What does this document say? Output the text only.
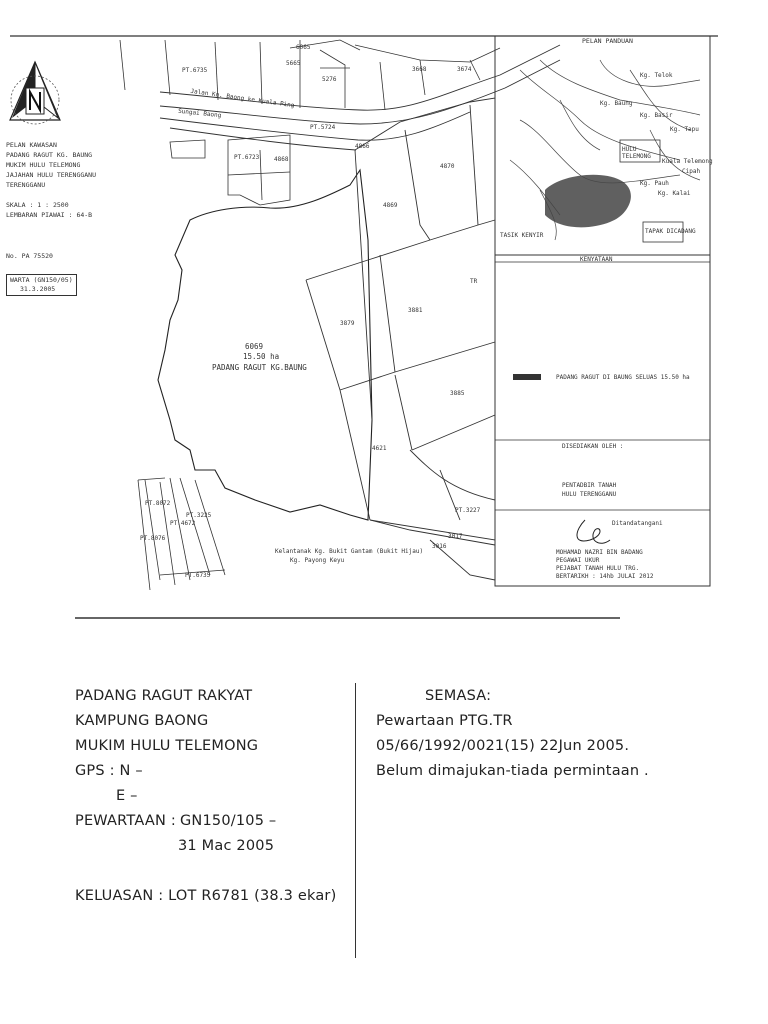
PELAN KAWASAN
PADANG RAGUT KG. BAUNG
MUKIM HULU TELEMONG
JAJAHAN HULU TERENGGANU
TERENGGANU
SKALA : 1 : 2500
LEMBARAN PIAWAI : 64-B
No. PA 75520
WARTA (GN150/05)
31.3.2005
6069
15.50 ha
PADANG RAGUT KG.BAUNG
4869
4870
3879
3881
3885
4621
4868
4866
3017
3016
6065
5665
5276
3668	3674
PT.6735
PT.6723
PT.5724
PT.4672
PT.8072
PT.8076
PT.3225
PT.3227
PT.6735
Sungai Baong
Jalan Kg. Baong ke Kuala Ping
TR
Kelantanak Kg. Bukit Gantam (Bukit Hijau)
Kg. Payong Keyu
PELAN PANDUAN
TASIK KENYIR
HULU TELEMONG
Kg. Telok
Kg. Baung
Kg. Basir
Kg. Tapu
Kuala Telemong
Kg. Pauh
Cipah
Kg. Kalai
TAPAK DICADANG
KENYATAAN
PADANG RAGUT DI BAUNG SELUAS 15.50 ha
DISEDIAKAN OLEH :
PENTADBIR TANAH
HULU TERENGGANU
Ditandatangani
MOHAMAD NAZRI BIN BADANG
PEGAWAI UKUR
PEJABAT TANAH HULU TRG.
BERTARIKH : 14hb JULAI 2012
PADANG RAGUT RAKYAT
KAMPUNG BAONG
MUKIM HULU TELEMONG
GPS : N –
E –
PEWARTAAN : GN150/105 –
31 Mac 2005
KELUASAN : LOT R6781 (38.3 ekar)
SEMASA:
Pewartaan PTG.TR
05/66/1992/0021(15) 22Jun 2005.
Belum dimajukan-tiada permintaan .
